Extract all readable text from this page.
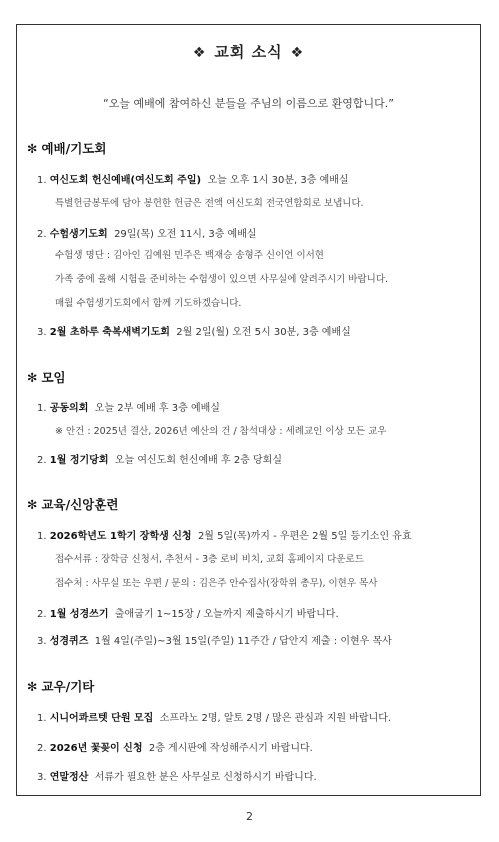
❖ 교회 소식 ❖
“오늘 예배에 참여하신 분들을 주님의 이름으로 환영합니다.”
✻ 예배/기도회
1. 여신도회 헌신예배(여신도회 주일) 오늘 오후 1시 30분, 3층 예배실
특별헌금봉투에 담아 봉헌한 헌금은 전액 여신도회 전국연합회로 보냅니다.
2. 수험생기도회 29일(목) 오전 11시, 3층 예배실
수험생 명단 : 김아인 김예원 민주은 백재승 송형주 신이언 이서현
가족 중에 올해 시험을 준비하는 수험생이 있으면 사무실에 알려주시기 바랍니다.
매월 수험생기도회에서 함께 기도하겠습니다.
3. 2월 초하루 축복새벽기도회 2월 2일(월) 오전 5시 30분, 3층 예배실
✻ 모임
1. 공동의회 오늘 2부 예배 후 3층 예배실
※ 안건 : 2025년 결산, 2026년 예산의 건 / 참석대상 : 세례교인 이상 모든 교우
2. 1월 정기당회 오늘 여신도회 헌신예배 후 2층 당회실
✻ 교육/신앙훈련
1. 2026학년도 1학기 장학생 신청 2월 5일(목)까지 - 우편은 2월 5일 등기소인 유효
접수서류 : 장학금 신청서, 추천서 - 3층 로비 비치, 교회 홈페이지 다운로드
접수처 : 사무실 또는 우편 / 문의 : 김은주 안수집사(장학위 총무), 이현우 목사
2. 1월 성경쓰기 출애굽기 1~15장 / 오늘까지 제출하시기 바랍니다.
3. 성경퀴즈 1월 4일(주일)~3월 15일(주일) 11주간 / 답안지 제출 : 이현우 목사
✻ 교우/기타
1. 시니어콰르텟 단원 모집 소프라노 2명, 알토 2명 / 많은 관심과 지원 바랍니다.
2. 2026년 꽃꽂이 신청 2층 게시판에 작성해주시기 바랍니다.
3. 연말정산 서류가 필요한 분은 사무실로 신청하시기 바랍니다.
2
